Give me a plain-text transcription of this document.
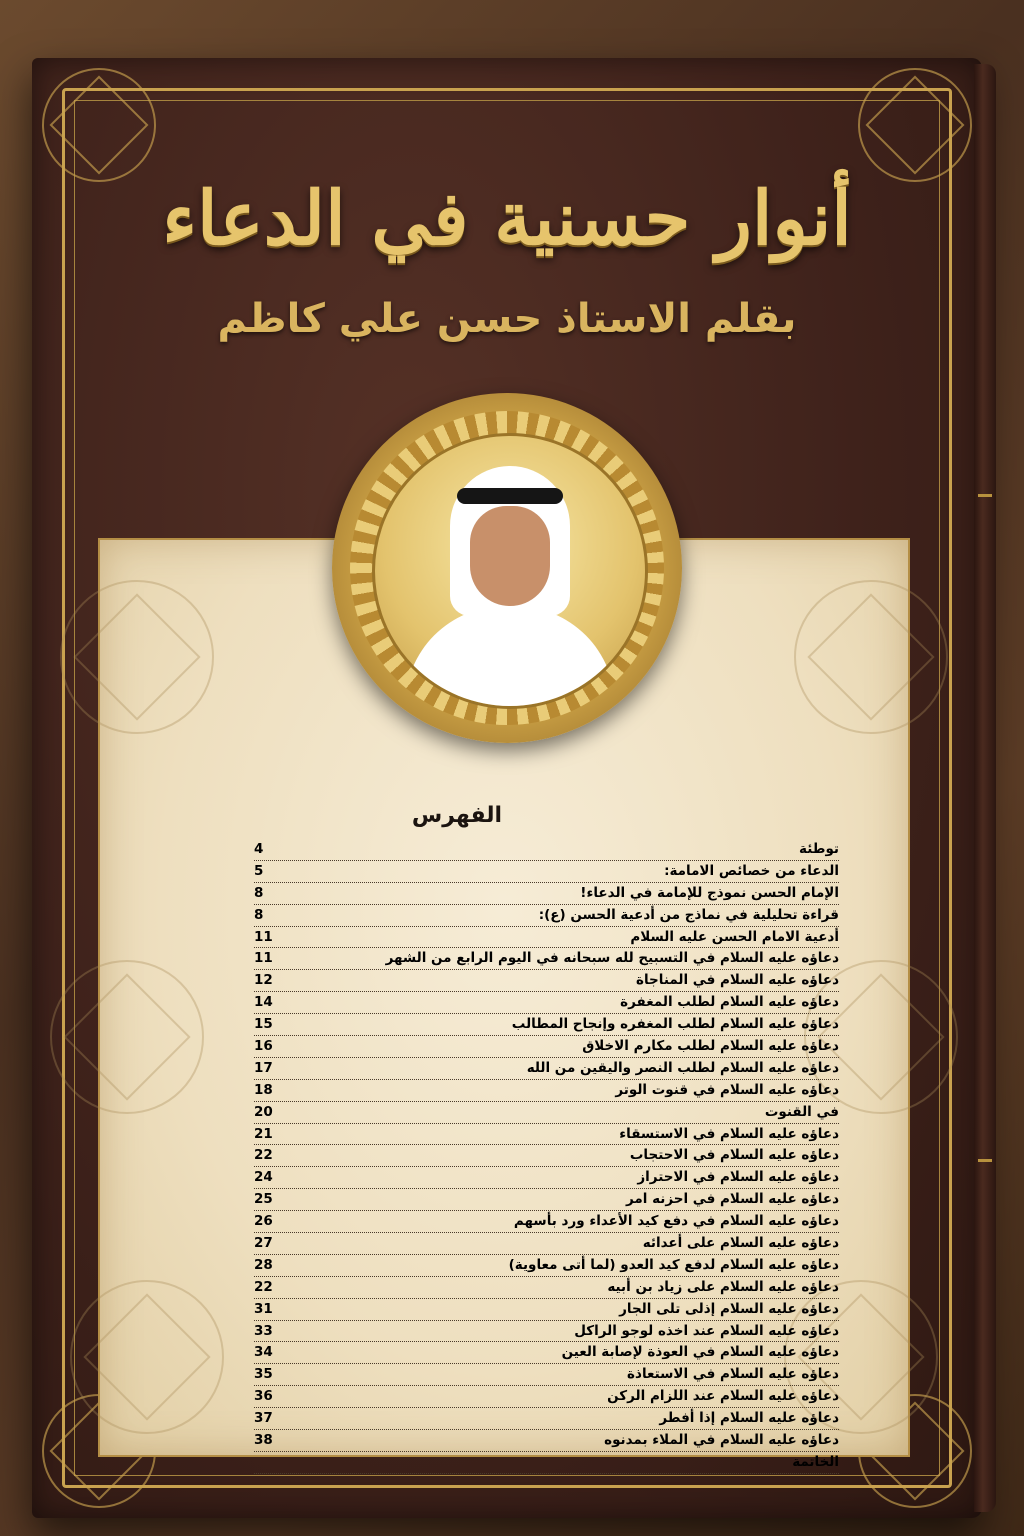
أنوار حسنية في الدعاء
بقلم الاستاذ حسن علي كاظم
الفهرس
توطئة
4
الدعاء من خصائص الامامة:
5
الإمام الحسن نموذج للإمامة في الدعاء!
8
قراءة تحليلية في نماذج من أدعية الحسن (ع):
8
أدعية الامام الحسن عليه السلام
11
دعاؤه عليه السلام في التسبيح لله سبحانه في اليوم الرابع من الشهر
11
دعاؤه عليه السلام في المناجاة
12
دعاؤه عليه السلام لطلب المغفرة
14
دعاؤه عليه السلام لطلب المغفره وإنجاح المطالب
15
دعاؤه عليه السلام لطلب مكارم الاخلاق
16
دعاؤه عليه السلام لطلب النصر واليقين من الله
17
دعاؤه عليه السلام في قنوت الوتر
18
في القنوت
20
دعاؤه عليه السلام في الاستسقاء
21
دعاؤه عليه السلام في الاحتجاب
22
دعاؤه عليه السلام في الاحتراز
24
دعاؤه عليه السلام في احزنه امر
25
دعاؤه عليه السلام في دفع كيد الأعداء ورد بأسهم
26
دعاؤه عليه السلام على أعدائه
27
دعاؤه عليه السلام لدفع كيد العدو (لما أتى معاوية)
28
دعاؤه عليه السلام على زياد بن أبيه
22
دعاؤه عليه السلام إذلى تلى الجار
31
دعاؤه عليه السلام عند اخذه لوجو الراكل
33
دعاؤه عليه السلام في العوذة لإصابة العين
34
دعاؤه عليه السلام في الاستعاذة
35
دعاؤه عليه السلام عند اللزام الركن
36
دعاؤه عليه السلام إذا أفطر
37
دعاؤه عليه السلام في الملاء بمدنوه
38
الخاتمة
